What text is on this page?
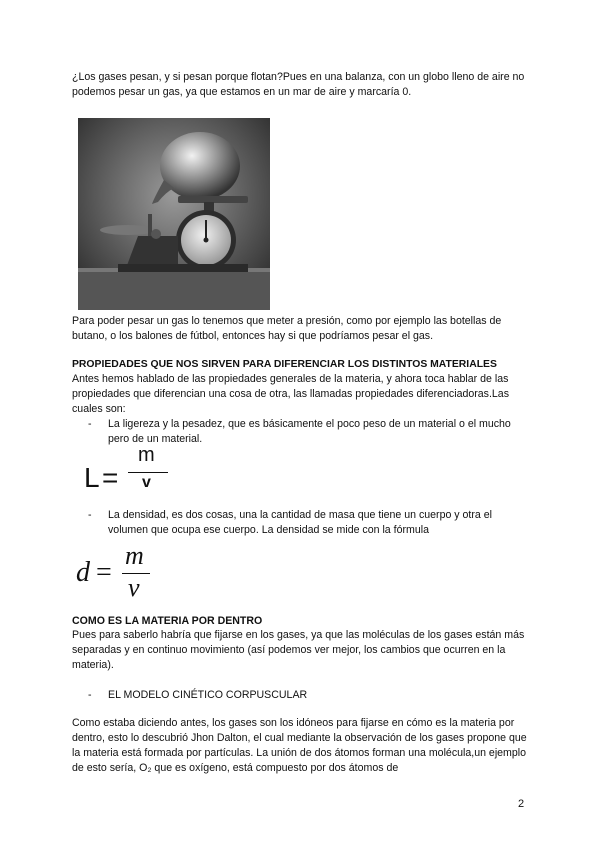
¿Los gases pesan, y si pesan porque flotan?Pues en una balanza, con un globo lleno de aire no podemos pesar un gas, ya que estamos en un mar de aire y marcaría 0.
Para poder pesar un gas lo tenemos que meter a presión, como por ejemplo las botellas de butano, o los balones de fútbol, entonces hay si que podríamos pesar el gas.
PROPIEDADES QUE NOS SIRVEN PARA DIFERENCIAR LOS DISTINTOS MATERIALES
Antes hemos hablado de las propiedades generales de la materia, y ahora toca hablar de las propiedades que diferencian una cosa de otra, las llamadas propiedades diferenciadoras.Las cuales son:
- La ligereza y la pesadez, que es básicamente el poco peso de un material o el mucho pero de un material.
L =
m
v
- La densidad, es dos cosas, una la cantidad de masa que tiene un cuerpo y otra el volumen que ocupa ese cuerpo. La densidad se mide con la fórmula
d =
m
v
COMO ES LA MATERIA POR DENTRO
Pues para saberlo habría que fijarse en los gases, ya que las moléculas de los gases están más separadas y en continuo movimiento (así podemos ver mejor, los cambios que ocurren en la materia).
- EL MODELO CINÉTICO CORPUSCULAR
Como estaba diciendo antes, los gases son los idóneos para fijarse en cómo es la materia por dentro, esto lo descubrió Jhon Dalton, el cual mediante la observación de los gases propone que la materia está formada por partículas. La unión de dos átomos forman una molécula,un ejemplo de esto sería, O₂ que es oxígeno, está compuesto por dos átomos de
2
